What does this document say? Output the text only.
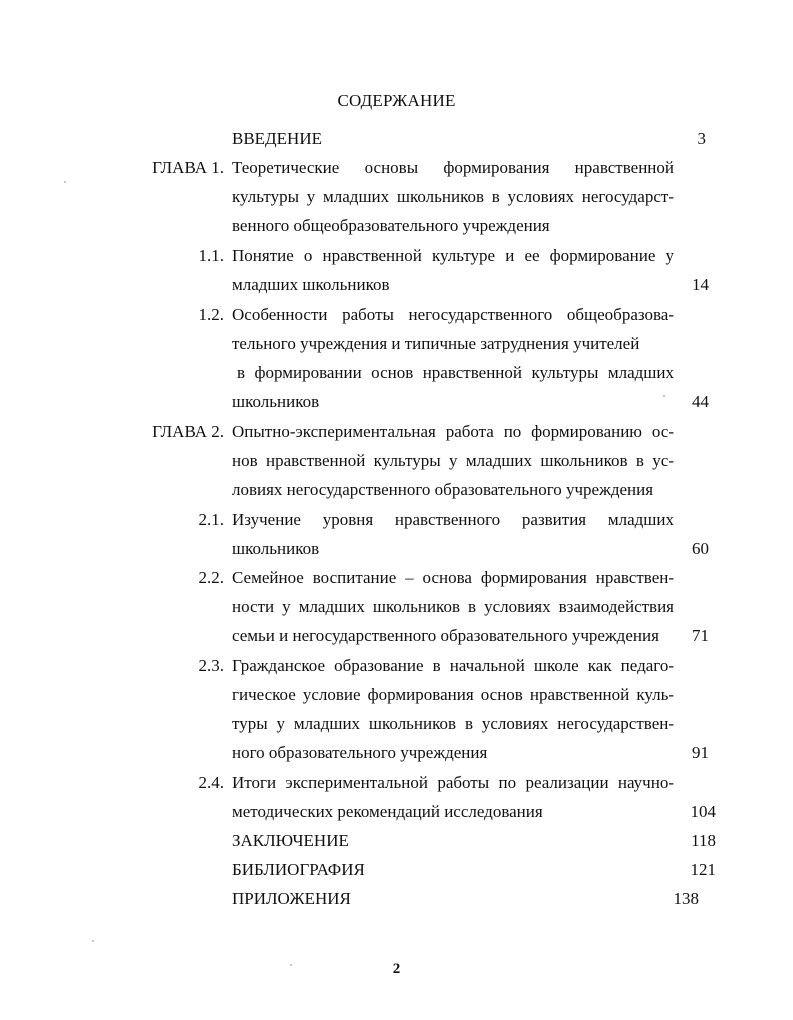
СОДЕРЖАНИЕ
ВВЕДЕНИЕ	3
ГЛАВА 1. Теоретические основы формирования нравственной
культуры у младших школьников в условиях негосударст-
венного общеобразовательного учреждения
1.1. Понятие о нравственной культуре и ее формирование у
младших школьников	14
1.2. Особенности работы негосударственного общеобразова-
тельного учреждения и типичные затруднения учителей
в формировании основ нравственной культуры младших
школьников	44
ГЛАВА 2. Опытно-экспериментальная работа по формированию ос-
нов нравственной культуры у младших школьников в ус-
ловиях негосударственного образовательного учреждения
2.1. Изучение уровня нравственного развития младших
школьников	60
2.2. Семейное воспитание – основа формирования нравствен-
ности у младших школьников в условиях взаимодействия
семьи и негосударственного образовательного учреждения	71
2.3. Гражданское образование в начальной школе как педаго-
гическое условие формирования основ нравственной куль-
туры у младших школьников в условиях негосударствен-
ного образовательного учреждения	91
2.4. Итоги экспериментальной работы по реализации научно-
методических рекомендаций исследования	104
ЗАКЛЮЧЕНИЕ	118
БИБЛИОГРАФИЯ	121
ПРИЛОЖЕНИЯ	138
2
